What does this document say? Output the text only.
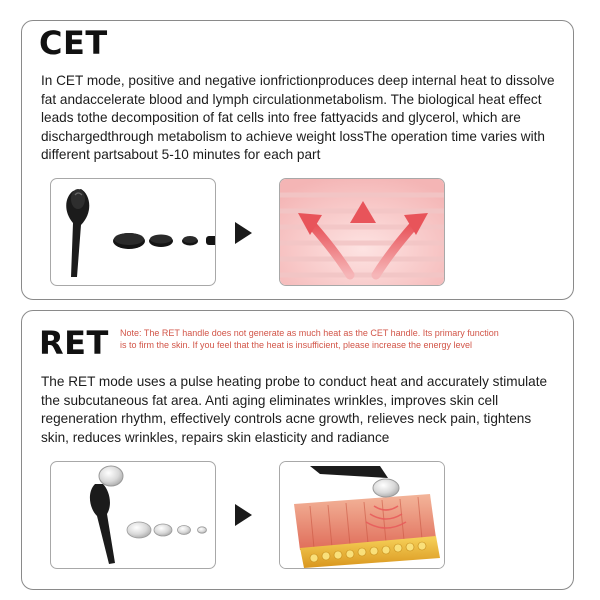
CET

In CET mode, positive and negative ionfrictionproduces deep internal heat to dissolve fat andaccelerate blood and lymph circulationmetabolism. The biological heat effect leads tothe decomposition of fat cells into free fattyacids and glycerol, which are dischargedthrough metabolism to achieve weight lossThe operation time varies with different partsabout 5-10 minutes for each part

RET Note: The RET handle does not generate as much heat as the CET handle. Its primary function is to firm the skin. If you feel that the heat is insufficient, please increase the energy level

The RET mode uses a pulse heating probe to conduct heat and accurately stimulate the subcutaneous fat area. Anti aging eliminates wrinkles, improves skin cell regeneration rhythm, effectively controls acne growth, relieves neck pain, tightens skin, reduces wrinkles, repairs skin elasticity and radiance
